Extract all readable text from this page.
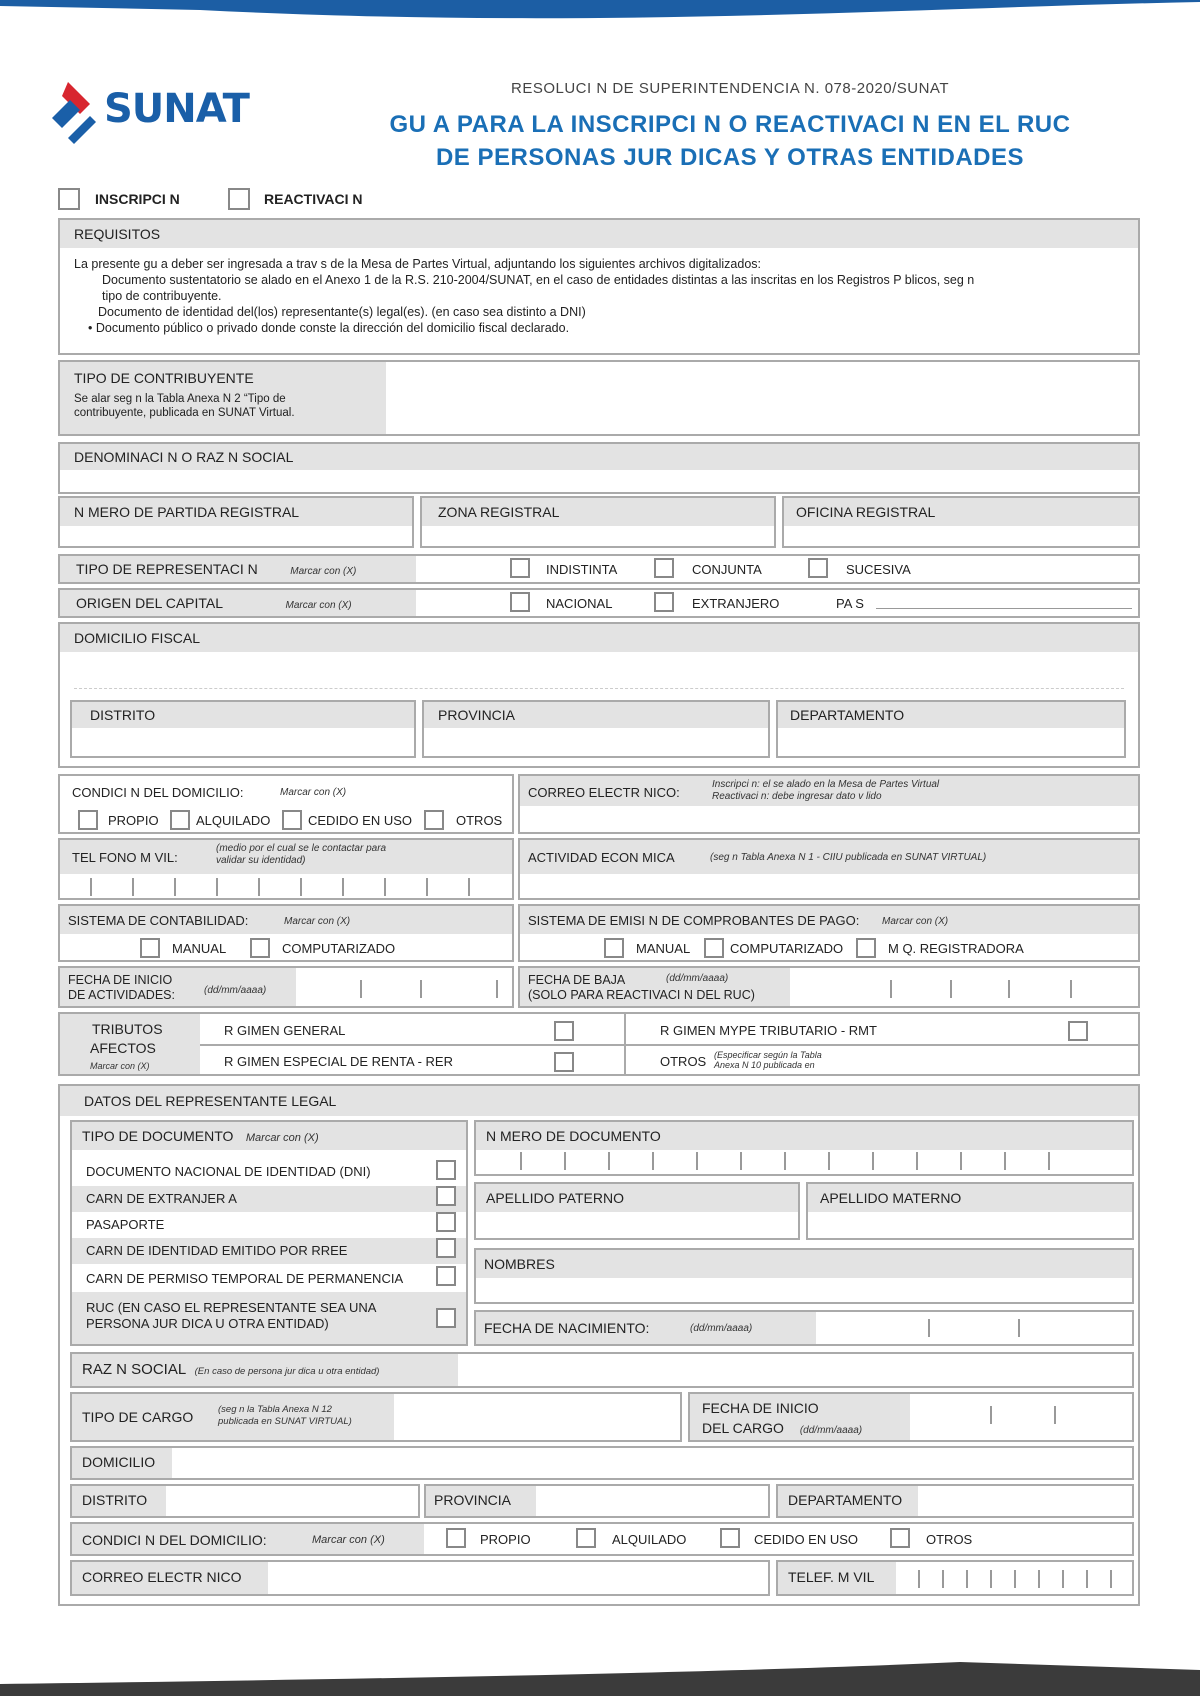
SUNAT	RESOLUCI N DE SUPERINTENDENCIA N. 078-2020/SUNAT
GU A PARA LA INSCRIPCI N O REACTIVACI N EN EL RUC
DE PERSONAS JUR DICAS Y OTRAS ENTIDADES
INSCRIPCI N	REACTIVACI N
REQUISITOS
La presente gu a deber ser ingresada a trav s de la Mesa de Partes Virtual, adjuntando los siguientes archivos digitalizados:
Documento sustentatorio se alado en el Anexo 1 de la R.S. 210-2004/SUNAT, en el caso de entidades distintas a las inscritas en los Registros P blicos, seg n
tipo de contribuyente.
Documento de identidad del(los) representante(s) legal(es). (en caso sea distinto a DNI)
• Documento público o privado donde conste la dirección del domicilio fiscal declarado.
TIPO DE CONTRIBUYENTE
Se alar seg n la Tabla Anexa N 2 “Tipo de
contribuyente, publicada en SUNAT Virtual.
DENOMINACI N O RAZ N SOCIAL
N MERO DE PARTIDA REGISTRAL	ZONA REGISTRAL	OFICINA REGISTRAL
TIPO DE REPRESENTACI N	Marcar con (X)	INDISTINTA	CONJUNTA	SUCESIVA
ORIGEN DEL CAPITAL	Marcar con (X)	NACIONAL	EXTRANJERO	PA S
DOMICILIO FISCAL
DISTRITO	PROVINCIA	DEPARTAMENTO
CONDICI N DEL DOMICILIO:	Marcar con (X)
PROPIO	ALQUILADO	CEDIDO EN USO	OTROS
CORREO ELECTR NICO:
Inscripci n: el se alado en la Mesa de Partes Virtual
Reactivaci n: debe ingresar dato v lido
TEL FONO M VIL:
(medio por el cual se le contactar para
validar su identidad)	ACTIVIDAD ECON MICA	(seg n Tabla Anexa N 1 - CIIU publicada en SUNAT VIRTUAL)
SISTEMA DE CONTABILIDAD:	Marcar con (X)
MANUAL	COMPUTARIZADO
SISTEMA DE EMISI N DE COMPROBANTES DE PAGO: Marcar con (X)
MANUAL	COMPUTARIZADO	M Q. REGISTRADORA
FECHA DE INICIO
DE ACTIVIDADES:	(dd/mm/aaaa)
FECHA DE BAJA
(SOLO PARA REACTIVACI N DEL RUC)
(dd/mm/aaaa)
TRIBUTOS
AFECTOS
Marcar con (X)
R GIMEN GENERAL	R GIMEN MYPE TRIBUTARIO - RMT
R GIMEN ESPECIAL DE RENTA - RER	OTROS (Especificar según la Tabla
Anexa N 10 publicada en
DATOS DEL REPRESENTANTE LEGAL
TIPO DE DOCUMENTO Marcar con (X)
DOCUMENTO NACIONAL DE IDENTIDAD (DNI)
CARN DE EXTRANJER A
PASAPORTE
CARN DE IDENTIDAD EMITIDO POR RREE
CARN DE PERMISO TEMPORAL DE PERMANENCIA
RUC (EN CASO EL REPRESENTANTE SEA UNA
PERSONA JUR DICA U OTRA ENTIDAD)
N MERO DE DOCUMENTO
APELLIDO PATERNO	APELLIDO MATERNO
NOMBRES
FECHA DE NACIMIENTO:	(dd/mm/aaaa)
RAZ N SOCIAL (En caso de persona jur dica u otra entidad)
TIPO DE CARGO	(seg n la Tabla Anexa N 12
publicada en SUNAT VIRTUAL)
FECHA DE INICIO
DEL CARGO (dd/mm/aaaa)
DOMICILIO
DISTRITO	PROVINCIA	DEPARTAMENTO
CONDICI N DEL DOMICILIO:	Marcar con (X)	PROPIO	ALQUILADO	CEDIDO EN USO	OTROS
CORREO ELECTR NICO	TELEF. M VIL
